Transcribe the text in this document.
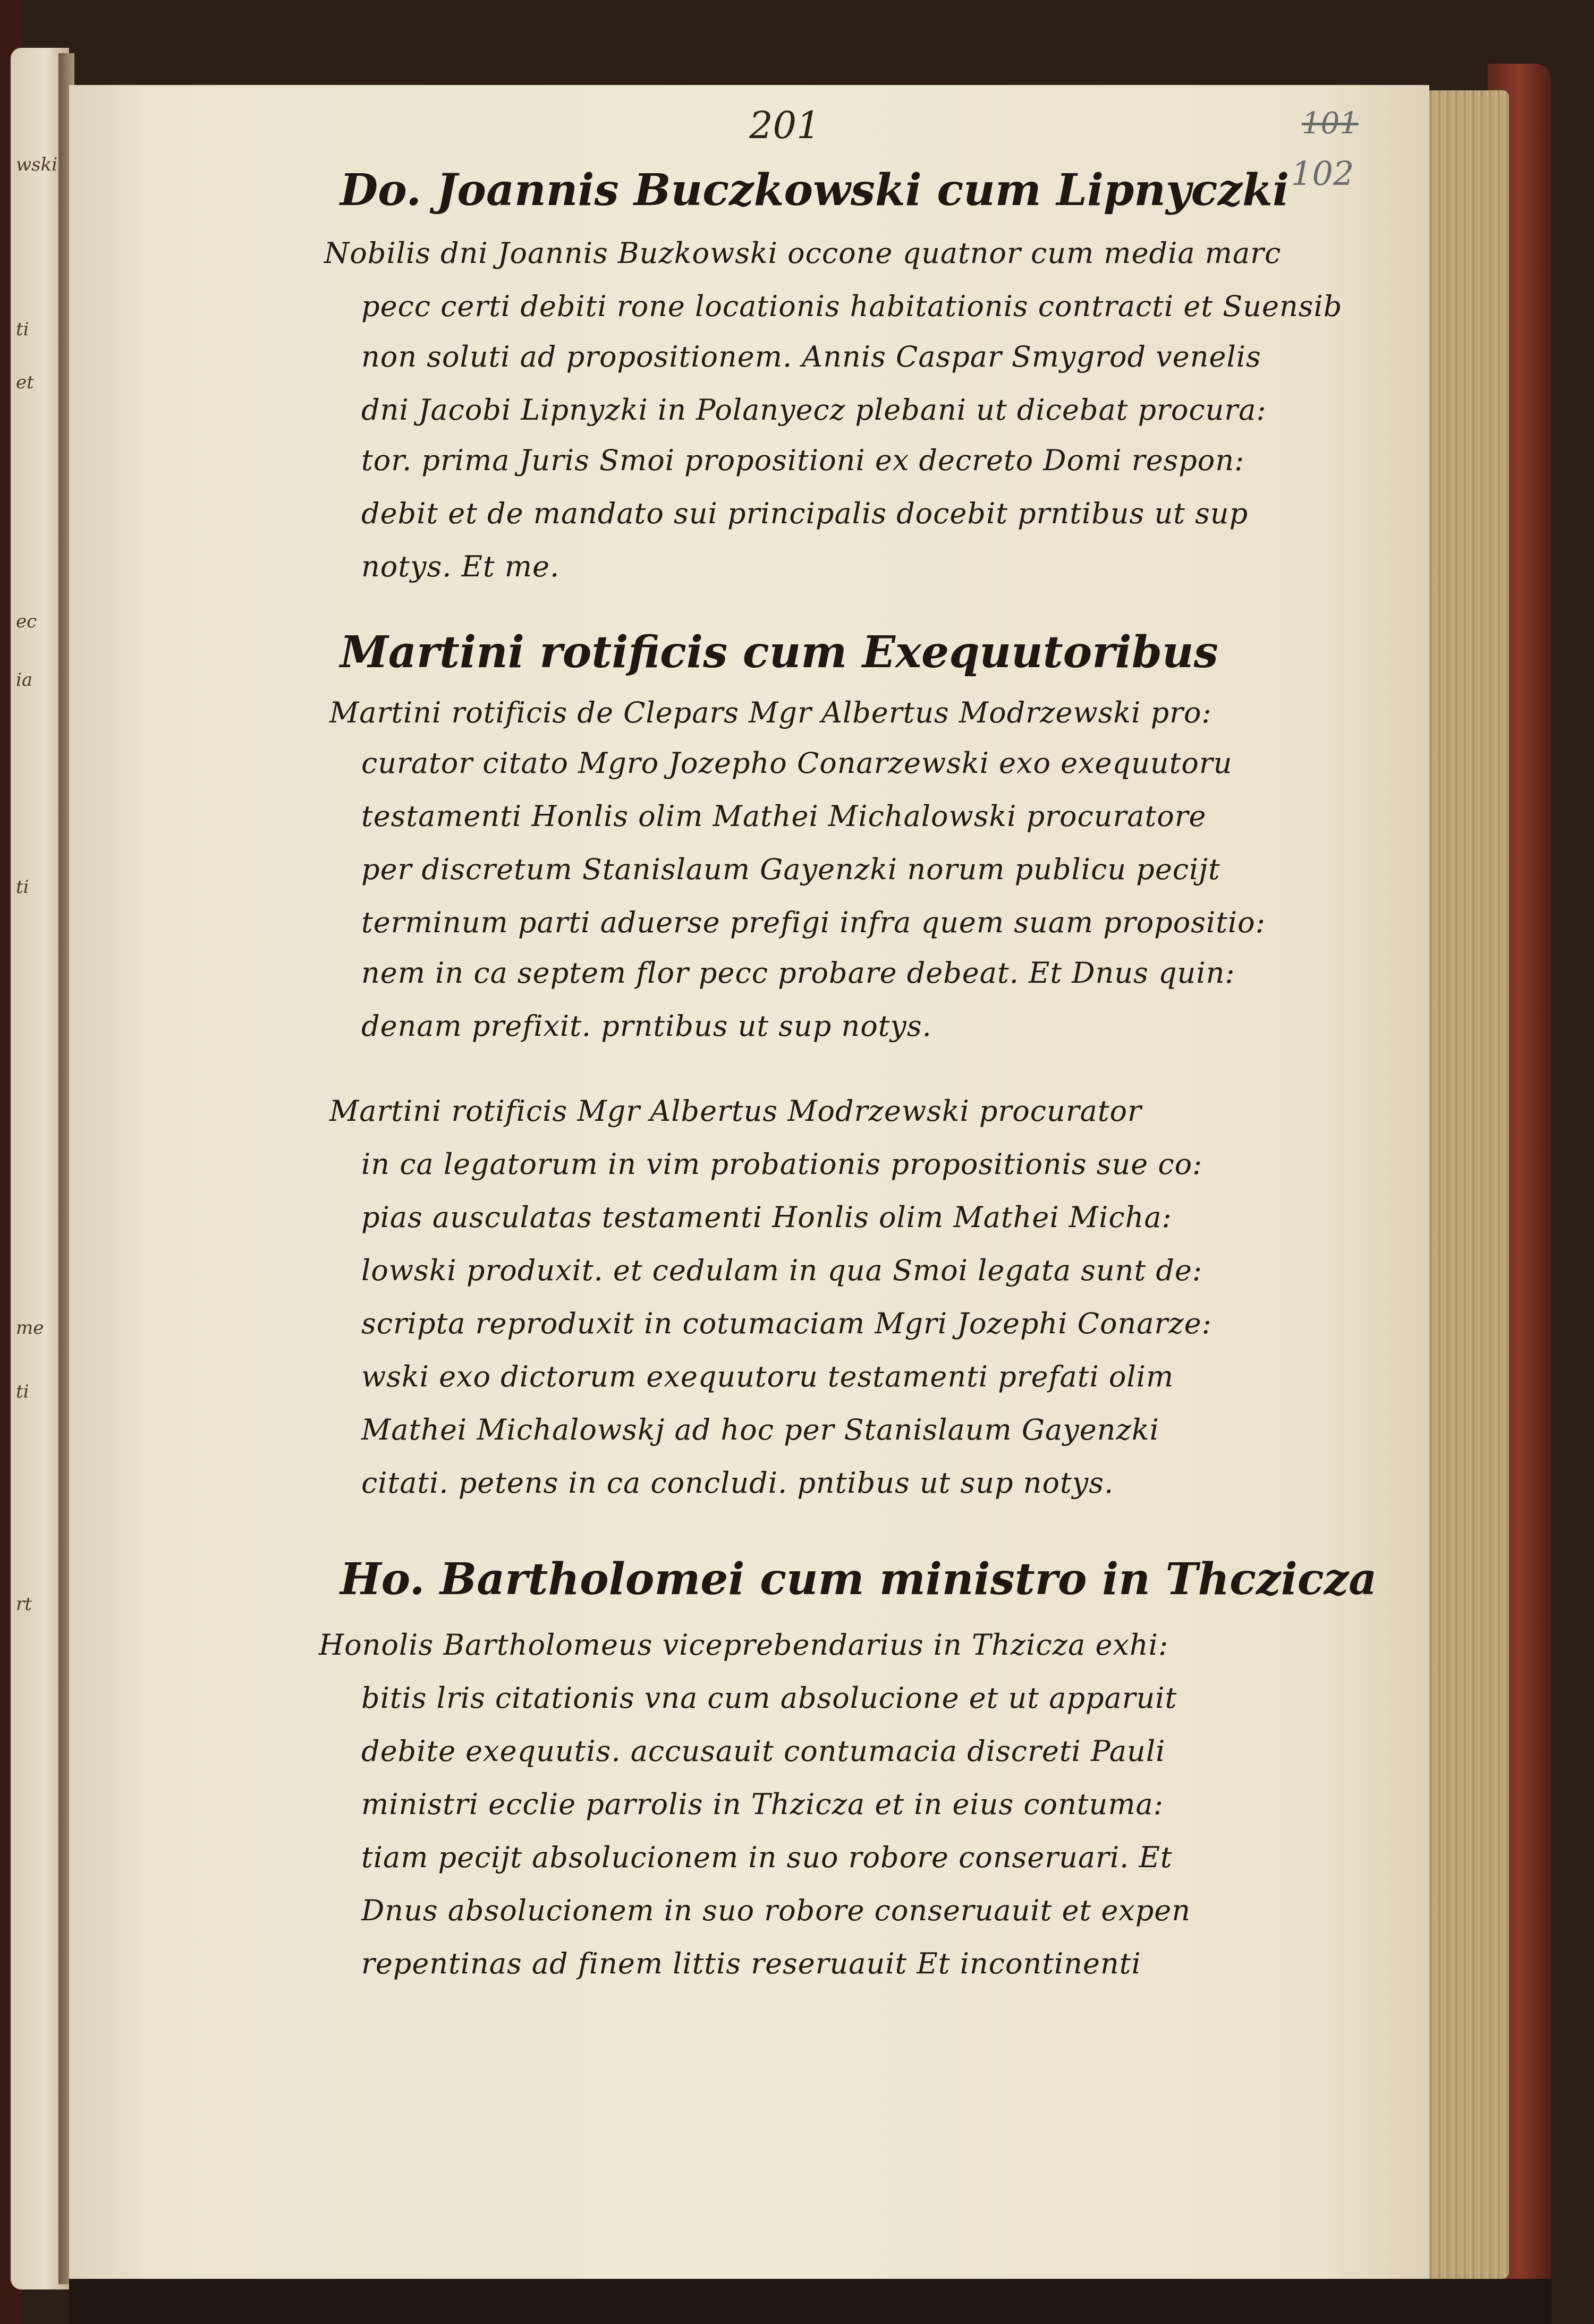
wski
ti
et
ec
ia
ti
me
ti
rt
201	101
102
Do. Joannis Buczkowski cum Lipnyczki
Nobilis dni Joannis Buzkowski occone quatnor cum media marc
pecc certi debiti rone locationis habitationis contracti et Suensib
non soluti ad propositionem. Annis Caspar Smygrod venelis
dni Jacobi Lipnyzki in Polanyecz plebani ut dicebat procura:
tor. prima Juris Smoi propositioni ex decreto Domi respon:
debit et de mandato sui principalis docebit prntibus ut sup
notys. Et me.
Martini rotificis cum Exequutoribus
Martini rotificis de Clepars Mgr Albertus Modrzewski pro:
curator citato Mgro Jozepho Conarzewski exo exequutoru
testamenti Honlis olim Mathei Michalowski procuratore
per discretum Stanislaum Gayenzki norum publicu pecijt
terminum parti aduerse prefigi infra quem suam propositio:
nem in ca septem flor pecc probare debeat. Et Dnus quin:
denam prefixit. prntibus ut sup notys.
Martini rotificis Mgr Albertus Modrzewski procurator
in ca legatorum in vim probationis propositionis sue co:
pias ausculatas testamenti Honlis olim Mathei Micha:
lowski produxit. et cedulam in qua Smoi legata sunt de:
scripta reproduxit in cotumaciam Mgri Jozephi Conarze:
wski exo dictorum exequutoru testamenti prefati olim
Mathei Michalowskj ad hoc per Stanislaum Gayenzki
citati. petens in ca concludi. pntibus ut sup notys.
Ho. Bartholomei cum ministro in Thczicza
Honolis Bartholomeus viceprebendarius in Thzicza exhi:
bitis lris citationis vna cum absolucione et ut apparuit
debite exequutis. accusauit contumacia discreti Pauli
ministri ecclie parrolis in Thzicza et in eius contuma:
tiam pecijt absolucionem in suo robore conseruari. Et
Dnus absolucionem in suo robore conseruauit et expen
repentinas ad finem littis reseruauit Et incontinenti
